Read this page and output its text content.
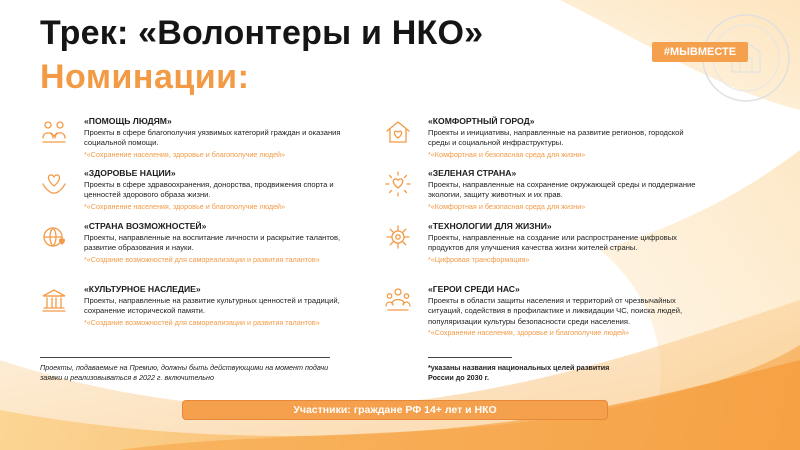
Трек: «Волонтеры и НКО»
Номинации:
#МЫВМЕСТЕ
«ПОМОЩЬ ЛЮДЯМ»
Проекты в сфере благополучия уязвимых категорий граждан и оказания социальной помощи.
*«Сохранение населения, здоровье и благополучие людей»
«ЗДОРОВЬЕ НАЦИИ»
Проекты в сфере здравоохранения, донорства, продвижения спорта и ценностей здорового образа жизни.
*«Сохранение населения, здоровье и благополучие людей»
«СТРАНА ВОЗМОЖНОСТЕЙ»
Проекты, направленные на воспитание личности и раскрытие талантов, развитие образования и науки.
*«Создание возможностей для самореализации и развития талантов»
«КУЛЬТУРНОЕ НАСЛЕДИЕ»
Проекты, направленные на развитие культурных ценностей и традиций, сохранение исторической памяти.
*«Создание возможностей для самореализации и развития талантов»
«КОМФОРТНЫЙ ГОРОД»
Проекты и инициативы, направленные на развитие регионов, городской среды и социальной инфраструктуры.
*«Комфортная и безопасная среда для жизни»
«ЗЕЛЕНАЯ СТРАНА»
Проекты, направленные на сохранение окружающей среды и поддержание экологии, защиту животных и их прав.
*«Комфортная и безопасная среда для жизни»
«ТЕХНОЛОГИИ ДЛЯ ЖИЗНИ»
Проекты, направленные на создание или распространение цифровых продуктов для улучшения качества жизни жителей страны.
*«Цифровая трансформация»
«ГЕРОИ СРЕДИ НАС»
Проекты в области защиты населения и территорий от чрезвычайных ситуаций, содействия в профилактике и ликвидации ЧС, поиска людей, популяризации культуры безопасности среди населения.
*«Сохранение населения, здоровье и благополучие людей»
Проекты, подаваемые на Премию, должны быть действующими на момент подачи заявки и реализовываться в 2022 г. включительно
*указаны названия национальных целей развития России до 2030 г.
Участники: граждане РФ 14+ лет и НКО
